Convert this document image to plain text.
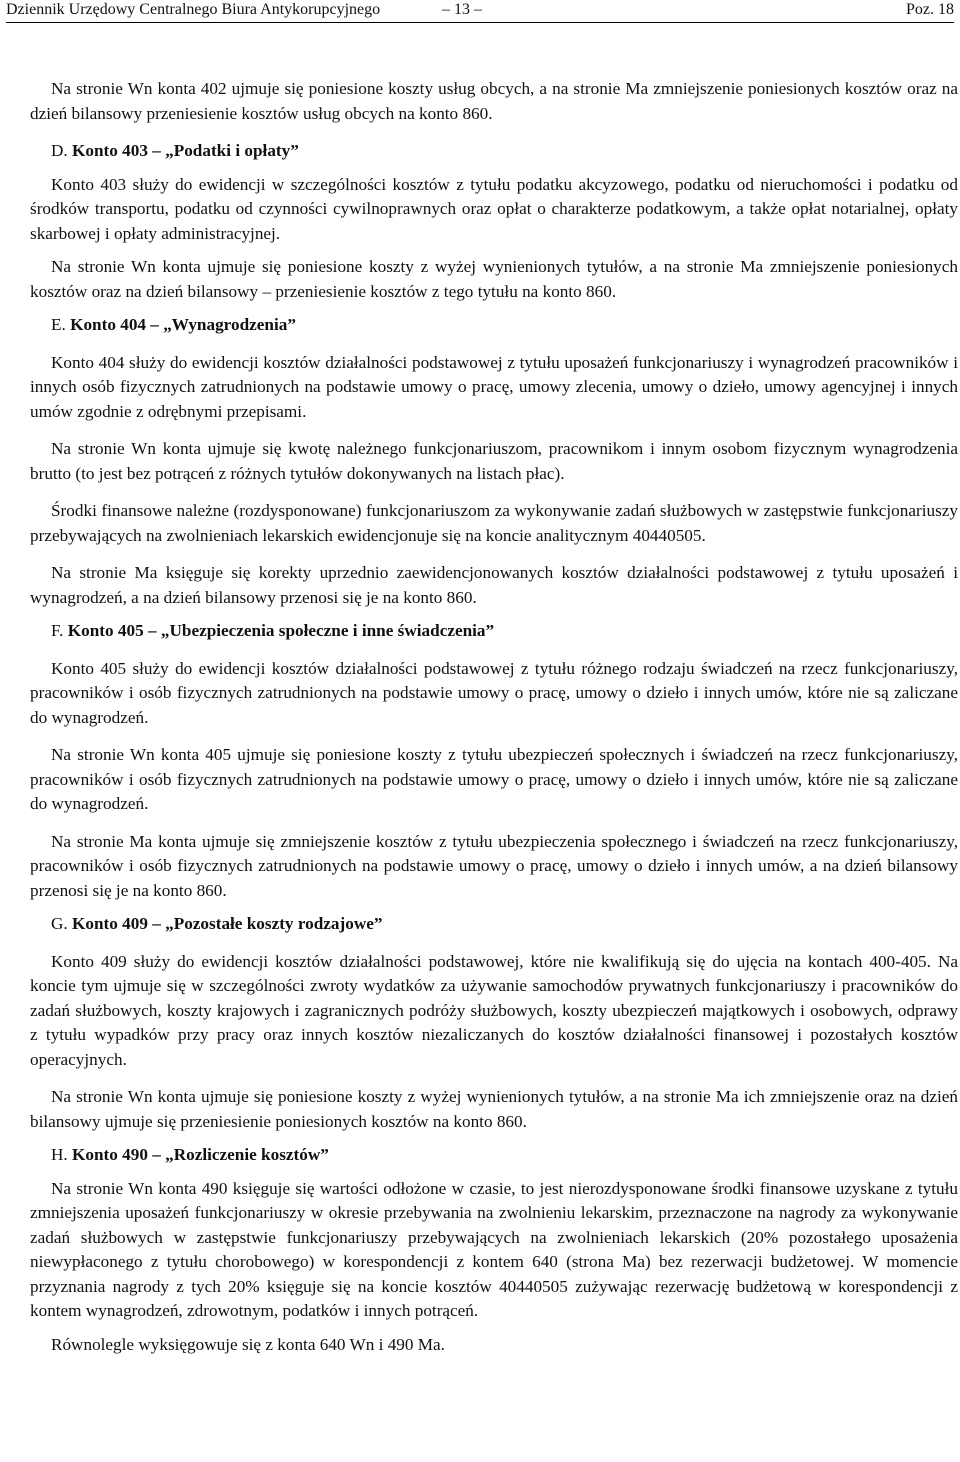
Dziennik Urzędowy Centralnego Biura Antykorupcyjnego	– 13 –	Poz. 18

Na stronie Wn konta 402 ujmuje się poniesione koszty usług obcych, a na stronie Ma zmniejszenie poniesionych kosztów oraz na dzień bilansowy przeniesienie kosztów usług obcych na konto 860.

D. Konto 403 – „Podatki i opłaty”

Konto 403 służy do ewidencji w szczególności kosztów z tytułu podatku akcyzowego, podatku od nieruchomości i podatku od środków transportu, podatku od czynności cywilnoprawnych oraz opłat o charakterze podatkowym, a także opłat notarialnej, opłaty skarbowej i opłaty administracyjnej.

Na stronie Wn konta ujmuje się poniesione koszty z wyżej wynienionych tytułów, a na stronie Ma zmniejszenie poniesionych kosztów oraz na dzień bilansowy – przeniesienie kosztów z tego tytułu na konto 860.

E. Konto 404 – „Wynagrodzenia”

Konto 404 służy do ewidencji kosztów działalności podstawowej z tytułu uposażeń funkcjonariuszy i wynagrodzeń pracowników i innych osób fizycznych zatrudnionych na podstawie umowy o pracę, umowy zlecenia, umowy o dzieło, umowy agencyjnej i innych umów zgodnie z odrębnymi przepisami.

Na stronie Wn konta ujmuje się kwotę należnego funkcjonariuszom, pracownikom i innym osobom fizycznym wynagrodzenia brutto (to jest bez potrąceń z różnych tytułów dokonywanych na listach płac).

Środki finansowe należne (rozdysponowane) funkcjonariuszom za wykonywanie zadań służbowych w zastępstwie funkcjonariuszy przebywających na zwolnieniach lekarskich ewidencjonuje się na koncie analitycznym 40440505.

Na stronie Ma księguje się korekty uprzednio zaewidencjonowanych kosztów działalności podstawowej z tytułu uposażeń i wynagrodzeń, a na dzień bilansowy przenosi się je na konto 860.

F. Konto 405 – „Ubezpieczenia społeczne i inne świadczenia”

Konto 405 służy do ewidencji kosztów działalności podstawowej z tytułu różnego rodzaju świadczeń na rzecz funkcjonariuszy, pracowników i osób fizycznych zatrudnionych na podstawie umowy o pracę, umowy o dzieło i innych umów, które nie są zaliczane do wynagrodzeń.

Na stronie Wn konta 405 ujmuje się poniesione koszty z tytułu ubezpieczeń społecznych i świadczeń na rzecz funkcjonariuszy, pracowników i osób fizycznych zatrudnionych na podstawie umowy o pracę, umowy o dzieło i innych umów, które nie są zaliczane do wynagrodzeń.

Na stronie Ma konta ujmuje się zmniejszenie kosztów z tytułu ubezpieczenia społecznego i świadczeń na rzecz funkcjonariuszy, pracowników i osób fizycznych zatrudnionych na podstawie umowy o pracę, umowy o dzieło i innych umów, a na dzień bilansowy przenosi się je na konto 860.

G. Konto 409 – „Pozostałe koszty rodzajowe”

Konto 409 służy do ewidencji kosztów działalności podstawowej, które nie kwalifikują się do ujęcia na kontach 400-405. Na koncie tym ujmuje się w szczególności zwroty wydatków za używanie samochodów prywatnych funkcjonariuszy i pracowników do zadań służbowych, koszty krajowych i zagranicznych podróży służbowych, koszty ubezpieczeń majątkowych i osobowych, odprawy z tytułu wypadków przy pracy oraz innych kosztów niezaliczanych do kosztów działalności finansowej i pozostałych kosztów operacyjnych.

Na stronie Wn konta ujmuje się poniesione koszty z wyżej wynienionych tytułów, a na stronie Ma ich zmniejszenie oraz na dzień bilansowy ujmuje się przeniesienie poniesionych kosztów na konto 860.

H. Konto 490 – „Rozliczenie kosztów”

Na stronie Wn konta 490 księguje się wartości odłożone w czasie, to jest nierozdysponowane środki finansowe uzyskane z tytułu zmniejszenia uposażeń funkcjonariuszy w okresie przebywania na zwolnieniu lekarskim, przeznaczone na nagrody za wykonywanie zadań służbowych w zastępstwie funkcjonariuszy przebywających na zwolnieniach lekarskich (20% pozostałego uposażenia niewypłaconego z tytułu chorobowego) w korespondencji z kontem 640 (strona Ma) bez rezerwacji budżetowej. W momencie przyznania nagrody z tych 20% księguje się na koncie kosztów 40440505 zużywając rezerwację budżetową w korespondencji z kontem wynagrodzeń, zdrowotnym, podatków i innych potrąceń.

Równolegle wyksięgowuje się z konta 640 Wn i 490 Ma.
